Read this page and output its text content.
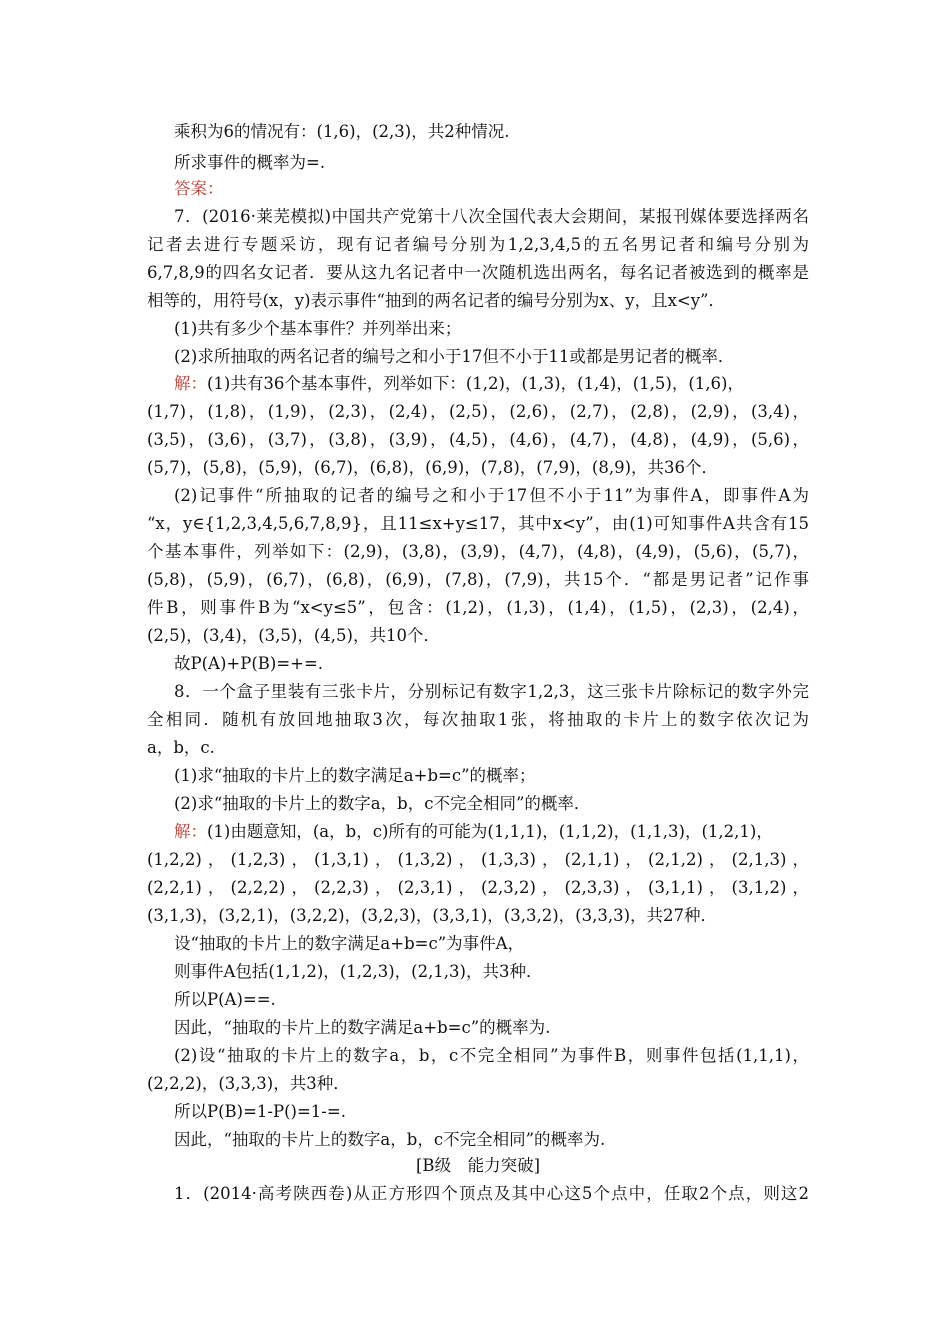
乘积为6的情况有：(1,6)，(2,3)，共2种情况.
所求事件的概率为=.
答案：
7．(2016·莱芜模拟)中国共产党第十八次全国代表大会期间，某报刊媒体要选择两名
记者去进行专题采访，现有记者编号分别为1,2,3,4,5的五名男记者和编号分别为
6,7,8,9的四名女记者．要从这九名记者中一次随机选出两名，每名记者被选到的概率是
相等的，用符号(x，y)表示事件“抽到的两名记者的编号分别为x、y，且x<y”．
(1)共有多少个基本事件？并列举出来；
(2)求所抽取的两名记者的编号之和小于17但不小于11或都是男记者的概率．
解：(1)共有36个基本事件，列举如下：(1,2)，(1,3)，(1,4)，(1,5)，(1,6)，
(1,7)，(1,8)，(1,9)，(2,3)，(2,4)，(2,5)，(2,6)，(2,7)，(2,8)，(2,9)，(3,4)，
(3,5)，(3,6)，(3,7)，(3,8)，(3,9)，(4,5)，(4,6)，(4,7)，(4,8)，(4,9)，(5,6)，
(5,7)，(5,8)，(5,9)，(6,7)，(6,8)，(6,9)，(7,8)，(7,9)，(8,9)，共36个．
(2)记事件“所抽取的记者的编号之和小于17但不小于11”为事件A，即事件A为
“x，y∈{1,2,3,4,5,6,7,8,9}，且11≤x+y≤17，其中x<y”，由(1)可知事件A共含有15
个基本事件，列举如下：(2,9)，(3,8)，(3,9)，(4,7)，(4,8)，(4,9)，(5,6)，(5,7)，
(5,8)，(5,9)，(6,7)，(6,8)，(6,9)，(7,8)，(7,9)，共15个．“都是男记者”记作事
件B，则事件B为“x<y≤5”，包含：(1,2)，(1,3)，(1,4)，(1,5)，(2,3)，(2,4)，
(2,5)，(3,4)，(3,5)，(4,5)，共10个．
故P(A)+P(B)=+=.
8．一个盒子里装有三张卡片，分别标记有数字1,2,3，这三张卡片除标记的数字外完
全相同．随机有放回地抽取3次，每次抽取1张，将抽取的卡片上的数字依次记为
a，b，c.
(1)求“抽取的卡片上的数字满足a+b=c”的概率；
(2)求“抽取的卡片上的数字a，b，c不完全相同”的概率．
解：(1)由题意知，(a，b，c)所有的可能为(1,1,1)，(1,1,2)，(1,1,3)，(1,2,1)，
(1,2,2)，(1,2,3)，(1,3,1)，(1,3,2)，(1,3,3)，(2,1,1)，(2,1,2)，(2,1,3)，
(2,2,1)，(2,2,2)，(2,2,3)，(2,3,1)，(2,3,2)，(2,3,3)，(3,1,1)，(3,1,2)，
(3,1,3)，(3,2,1)，(3,2,2)，(3,2,3)，(3,3,1)，(3,3,2)，(3,3,3)，共27种．
设“抽取的卡片上的数字满足a+b=c”为事件A，
则事件A包括(1,1,2)，(1,2,3)，(2,1,3)，共3种．
所以P(A)==.
因此，“抽取的卡片上的数字满足a+b=c”的概率为.
(2)设“抽取的卡片上的数字a，b，c不完全相同”为事件B，则事件包括(1,1,1)，
(2,2,2)，(3,3,3)，共3种．
所以P(B)=1-P()=1-=.
因此，“抽取的卡片上的数字a，b，c不完全相同”的概率为.
[B级　能力突破]
1．(2014·高考陕西卷)从正方形四个顶点及其中心这5个点中，任取2个点，则这2
